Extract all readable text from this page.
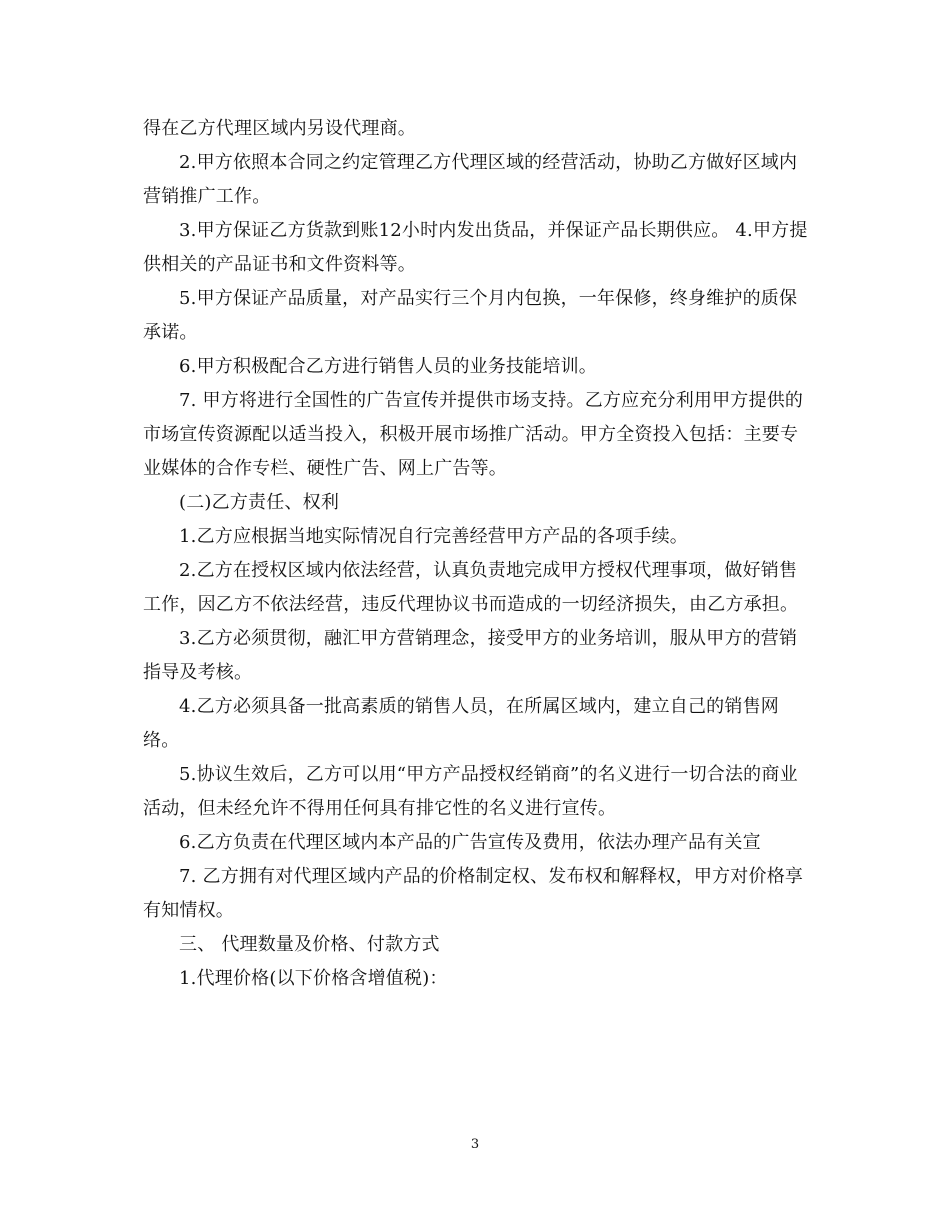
得在乙方代理区域内另设代理商。

2.甲方依照本合同之约定管理乙方代理区域的经营活动，协助乙方做好区域内营销推广工作。

3.甲方保证乙方货款到账12小时内发出货品，并保证产品长期供应。 4.甲方提供相关的产品证书和文件资料等。

5.甲方保证产品质量，对产品实行三个月内包换，一年保修，终身维护的质保承诺。

6.甲方积极配合乙方进行销售人员的业务技能培训。

7. 甲方将进行全国性的广告宣传并提供市场支持。乙方应充分利用甲方提供的市场宣传资源配以适当投入，积极开展市场推广活动。甲方全资投入包括：主要专业媒体的合作专栏、硬性广告、网上广告等。

(二)乙方责任、权利

1.乙方应根据当地实际情况自行完善经营甲方产品的各项手续。

2.乙方在授权区域内依法经营，认真负责地完成甲方授权代理事项，做好销售工作，因乙方不依法经营，违反代理协议书而造成的一切经济损失，由乙方承担。

3.乙方必须贯彻，融汇甲方营销理念，接受甲方的业务培训，服从甲方的营销指导及考核。

4.乙方必须具备一批高素质的销售人员，在所属区域内，建立自己的销售网络。

5.协议生效后，乙方可以用“甲方产品授权经销商”的名义进行一切合法的商业活动，但未经允许不得用任何具有排它性的名义进行宣传。

6.乙方负责在代理区域内本产品的广告宣传及费用，依法办理产品有关宣

7. 乙方拥有对代理区域内产品的价格制定权、发布权和解释权，甲方对价格享有知情权。

三、 代理数量及价格、付款方式

1.代理价格(以下价格含增值税)：

3
